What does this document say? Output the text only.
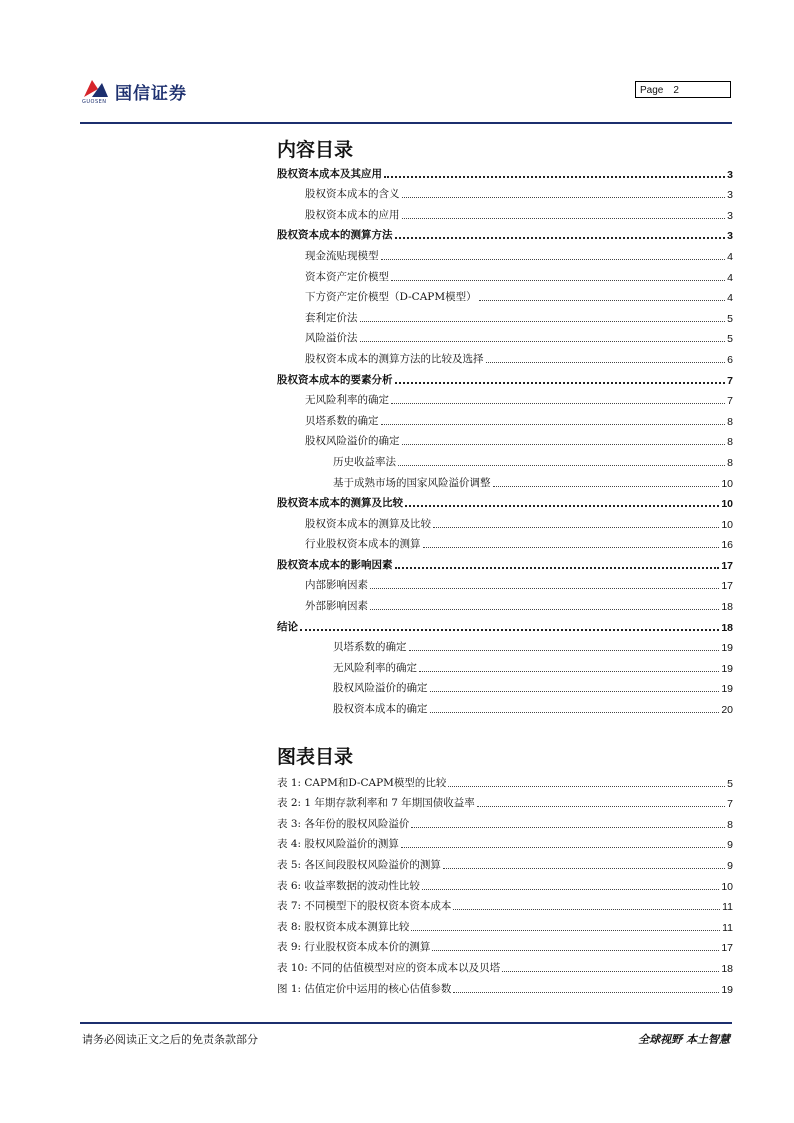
国信证券
GUOSEN
Page 2
内容目录
股权资本成本及其应用	3
股权资本成本的含义	3
股权资本成本的应用	3
股权资本成本的测算方法	3
现金流贴现模型	4
资本资产定价模型	4
下方资产定价模型（D-CAPM模型）	4
套利定价法	5
风险溢价法	5
股权资本成本的测算方法的比较及选择	6
股权资本成本的要素分析	7
无风险利率的确定	7
贝塔系数的确定	8
股权风险溢价的确定	8
历史收益率法	8
基于成熟市场的国家风险溢价调整	10
股权资本成本的测算及比较	10
股权资本成本的测算及比较	10
行业股权资本成本的测算	16
股权资本成本的影响因素	17
内部影响因素	17
外部影响因素	18
结论	18
贝塔系数的确定	19
无风险利率的确定	19
股权风险溢价的确定	19
股权资本成本的确定	20
图表目录
表 1: CAPM和D-CAPM模型的比较	5
表 2: 1 年期存款利率和 7 年期国债收益率	7
表 3: 各年份的股权风险溢价	8
表 4: 股权风险溢价的测算	9
表 5: 各区间段股权风险溢价的测算	9
表 6: 收益率数据的波动性比较	10
表 7: 不同模型下的股权资本资本成本	11
表 8: 股权资本成本测算比较	11
表 9: 行业股权资本成本价的测算	17
表 10: 不同的估值模型对应的资本成本以及贝塔	18
图 1: 估值定价中运用的核心估值参数	19
请务必阅读正文之后的免责条款部分	全球视野 本土智慧
